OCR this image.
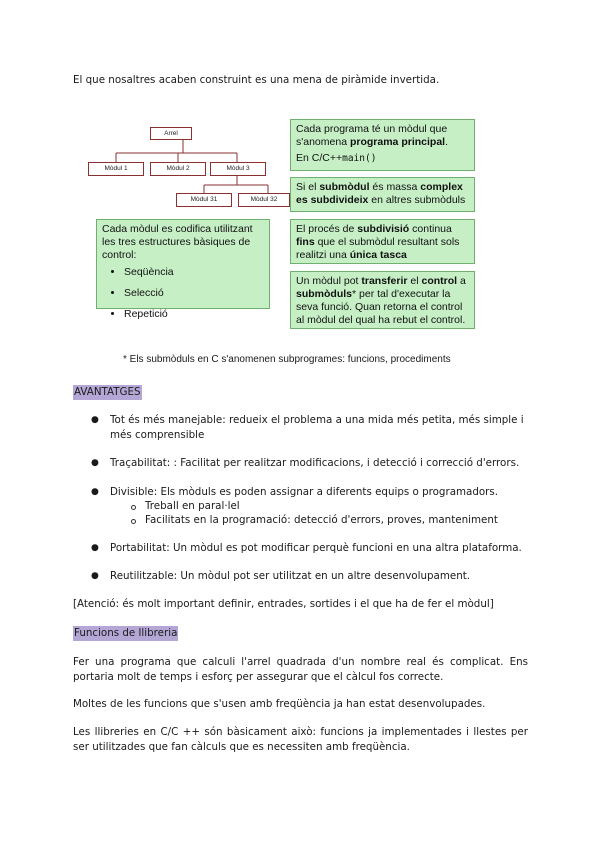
El que nosaltres acaben construint es una mena de piràmide invertida.
Arrel
Mòdul 1	Mòdul 2	Mòdul 3
Mòdul 31	Mòdul 32
Cada programa té un mòdul que s'anomena programa principal.
En C/C++main()
Si el submòdul és massa complex es subdivideix en altres submòduls
El procés de subdivisió continua fins que el submòdul resultant sols realitzi una única tasca
Un mòdul pot transferir el control a submòduls* per tal d'executar la seva funció. Quan retorna el control al mòdul del qual ha rebut el control.
Cada mòdul es codifica utilitzant les tres estructures bàsiques de control:
• Seqüència
• Selecció
• Repetició
* Els submòduls en C s'anomenen subprogrames: funcions, procediments
AVANTATGES
● Tot és més manejable: redueix el problema a una mida més petita, més simple i més comprensible
● Traçabilitat: : Facilitat per realitzar modificacions, i detecció i correcció d'errors.
● Divisible: Els mòduls es poden assignar a diferents equips o programadors.
Treball en paral·lel
Facilitats en la programació: detecció d'errors, proves, manteniment
● Portabilitat: Un mòdul es pot modificar perquè funcioni en una altra plataforma.
● Reutilitzable: Un mòdul pot ser utilitzat en un altre desenvolupament.
[Atenció: és molt important definir, entrades, sortides i el que ha de fer el mòdul]
Funcions de llibreria
Fer una programa que calculi l'arrel quadrada d'un nombre real és complicat. Ens portaria molt de temps i esforç per assegurar que el càlcul fos correcte.
Moltes de les funcions que s'usen amb freqüència ja han estat desenvolupades.
Les llibreries en C/C ++ són bàsicament això: funcions ja implementades i llestes per ser utilitzades que fan càlculs que es necessiten amb freqüència.
